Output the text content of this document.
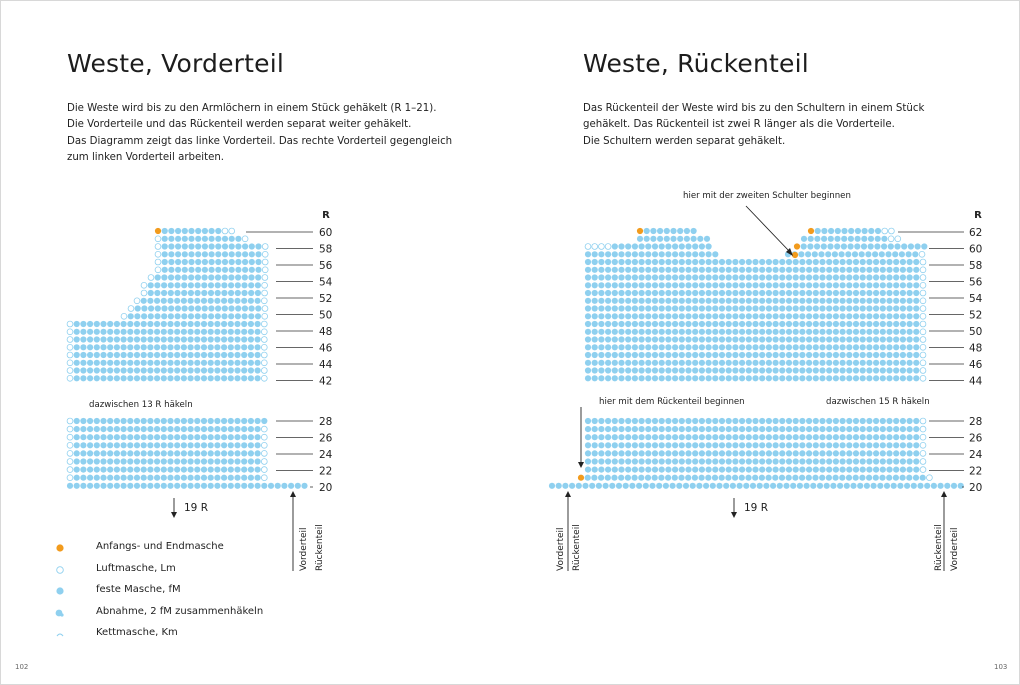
Weste, Vorderteil
Die Weste wird bis zu den Armlöchern in einem Stück gehäkelt (R 1–21).
Die Vorderteile und das Rückenteil werden separat weiter gehäkelt.
Das Diagramm zeigt das linke Vorderteil. Das rechte Vorderteil gegengleich
zum linken Vorderteil arbeiten.
Weste, Rückenteil
Das Rückenteil der Weste wird bis zu den Schultern in einem Stück
gehäkelt. Das Rückenteil ist zwei R länger als die Vorderteile.
Die Schultern werden separat gehäkelt.
dazwischen 13 R häkeln
hier mit der zweiten Schulter beginnen
hier mit dem Rückenteil beginnen	dazwischen 15 R häkeln
R	R
60
58
56
54
52
50
48
46
44
42
28
26
24
22
20
62
60
58
56
54
52
50
48
46
44
28
26
24
22
20
19 R	19 R
Vorderteil Rückenteil	Vorderteil Rückenteil	Rückenteil Vorderteil
Anfangs- und Endmasche
Luftmasche, Lm
feste Masche, fM
Abnahme, 2 fM zusammenhäkeln
Kettmasche, Km
102	103
